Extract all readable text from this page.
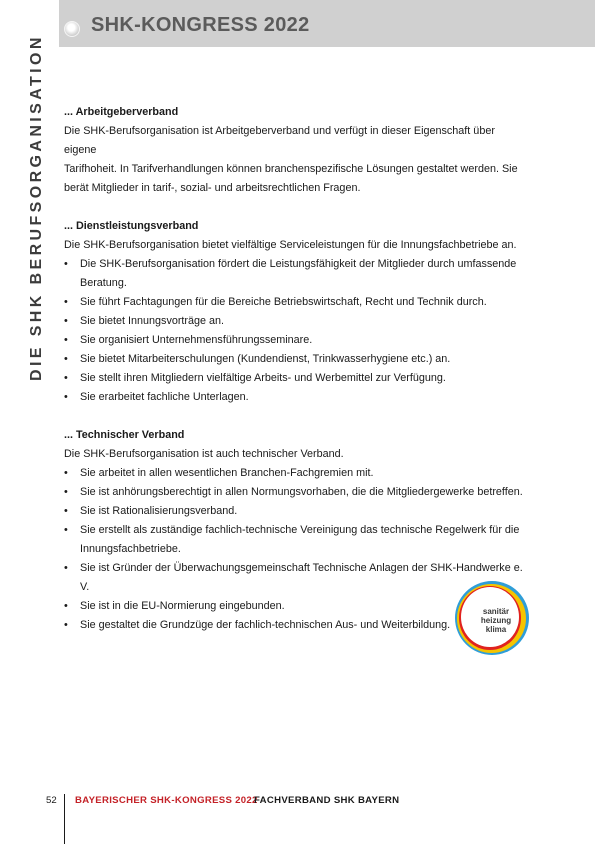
SHK-KONGRESS 2022
DIE SHK BERUFSORGANISATION ... Arbeitgeberverband
Die SHK-Berufsorganisation ist Arbeitgeberverband und verfügt in dieser Eigenschaft über eigene
Tarifhoheit. In Tarifverhandlungen können branchenspezifische Lösungen gestaltet werden. Sie
berät Mitglieder in tarif-, sozial- und arbeitsrechtlichen Fragen.
... Dienstleistungsverband
Die SHK-Berufsorganisation bietet vielfältige Serviceleistungen für die Innungsfachbetriebe an.
• Die SHK-Berufsorganisation fördert die Leistungsfähigkeit der Mitglieder durch umfassende
Beratung.
• Sie führt Fachtagungen für die Bereiche Betriebswirtschaft, Recht und Technik durch.
• Sie bietet Innungsvorträge an.
• Sie organisiert Unternehmensführungsseminare.
• Sie bietet Mitarbeiterschulungen (Kundendienst, Trinkwasserhygiene etc.) an.
• Sie stellt ihren Mitgliedern vielfältige Arbeits- und Werbemittel zur Verfügung.
• Sie erarbeitet fachliche Unterlagen.
... Technischer Verband
Die SHK-Berufsorganisation ist auch technischer Verband.
• Sie arbeitet in allen wesentlichen Branchen-Fachgremien mit.
• Sie ist anhörungsberechtigt in allen Normungsvorhaben, die die Mitgliedergewerke betreffen.
• Sie ist Rationalisierungsverband.
• Sie erstellt als zuständige fachlich-technische Vereinigung das technische Regelwerk für die
Innungsfachbetriebe.
• Sie ist Gründer der Überwachungsgemeinschaft Technische Anlagen der SHK-Handwerke e. V.
• Sie ist in die EU-Normierung eingebunden.
• Sie gestaltet die Grundzüge der fachlich-technischen Aus- und Weiterbildung.
sanitär
heizung
klima
52 BAYERISCHER SHK-KONGRESS 2022
FACHVERBAND SHK BAYERN
